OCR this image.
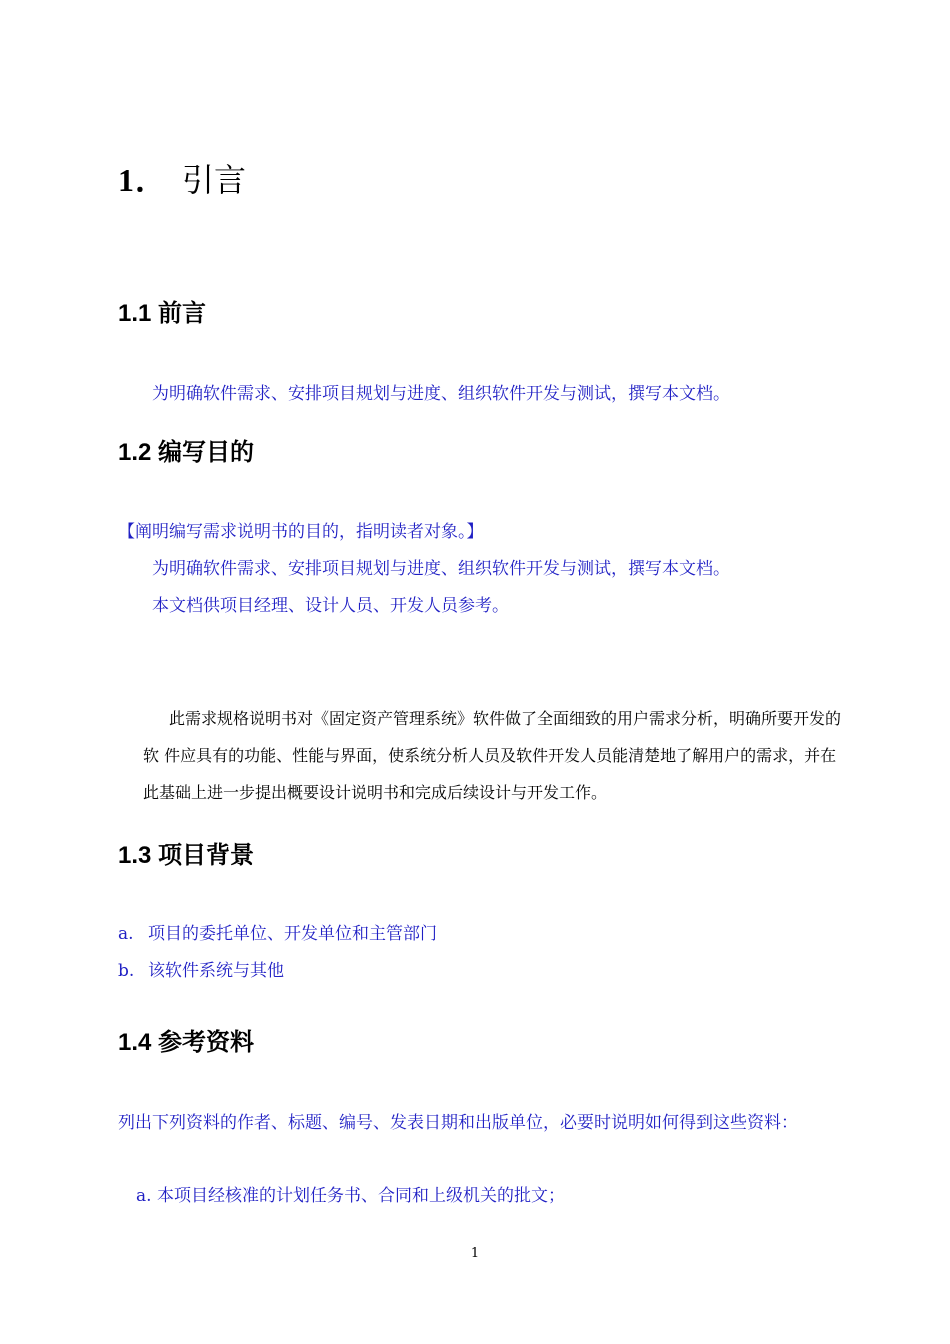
1． 引言
1.1 前言
为明确软件需求、安排项目规划与进度、组织软件开发与测试，撰写本文档。
1.2 编写目的
【阐明编写需求说明书的目的，指明读者对象。】
为明确软件需求、安排项目规划与进度、组织软件开发与测试，撰写本文档。
本文档供项目经理、设计人员、开发人员参考。
此需求规格说明书对《固定资产管理系统》软件做了全面细致的用户需求分析，明确所要开发的软 件应具有的功能、性能与界面，使系统分析人员及软件开发人员能清楚地了解用户的需求，并在此基础上进一步提出概要设计说明书和完成后续设计与开发工作。
1.3 项目背景
a. 项目的委托单位、开发单位和主管部门
b. 该软件系统与其他
1.4 参考资料
列出下列资料的作者、标题、编号、发表日期和出版单位，必要时说明如何得到这些资料：
a. 本项目经核准的计划任务书、合同和上级机关的批文；
1
